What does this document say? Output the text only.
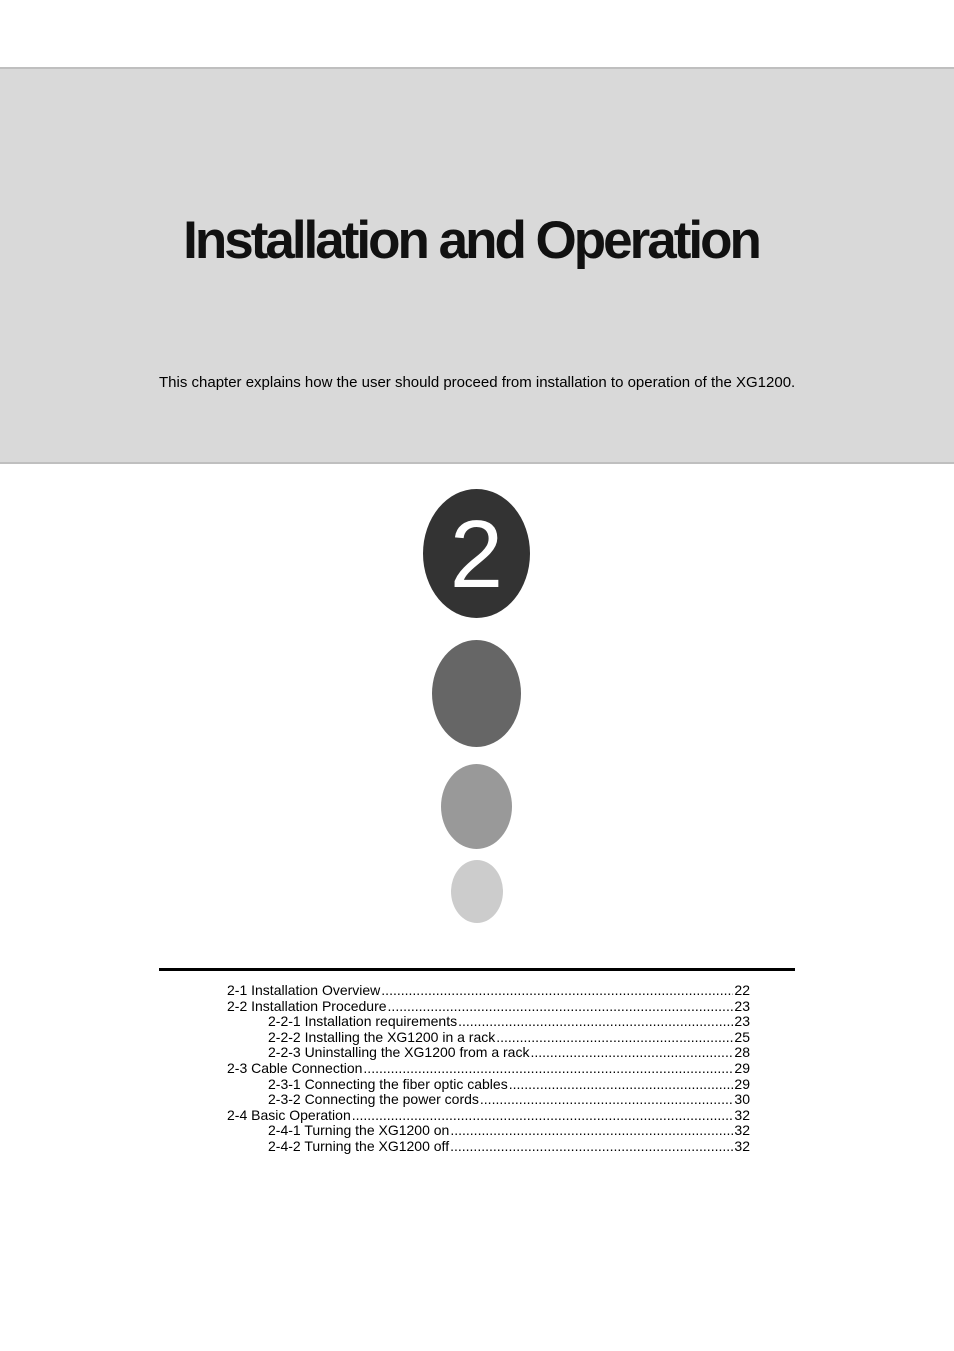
Installation and Operation

This chapter explains how the user should proceed from installation to operation of the XG1200.

2
2-1 Installation Overview .....	22
2-2 Installation Procedure .....	23
2-2-1 Installation requirements .....	23
2-2-2 Installing the XG1200 in a rack .....	25
2-2-3 Uninstalling the XG1200 from a rack .....	28
2-3 Cable Connection .....	29
2-3-1 Connecting the fiber optic cables .....	29
2-3-2 Connecting the power cords .....	30
2-4 Basic Operation .....	32
2-4-1 Turning the XG1200 on .....	32
2-4-2 Turning the XG1200 off .....	32
